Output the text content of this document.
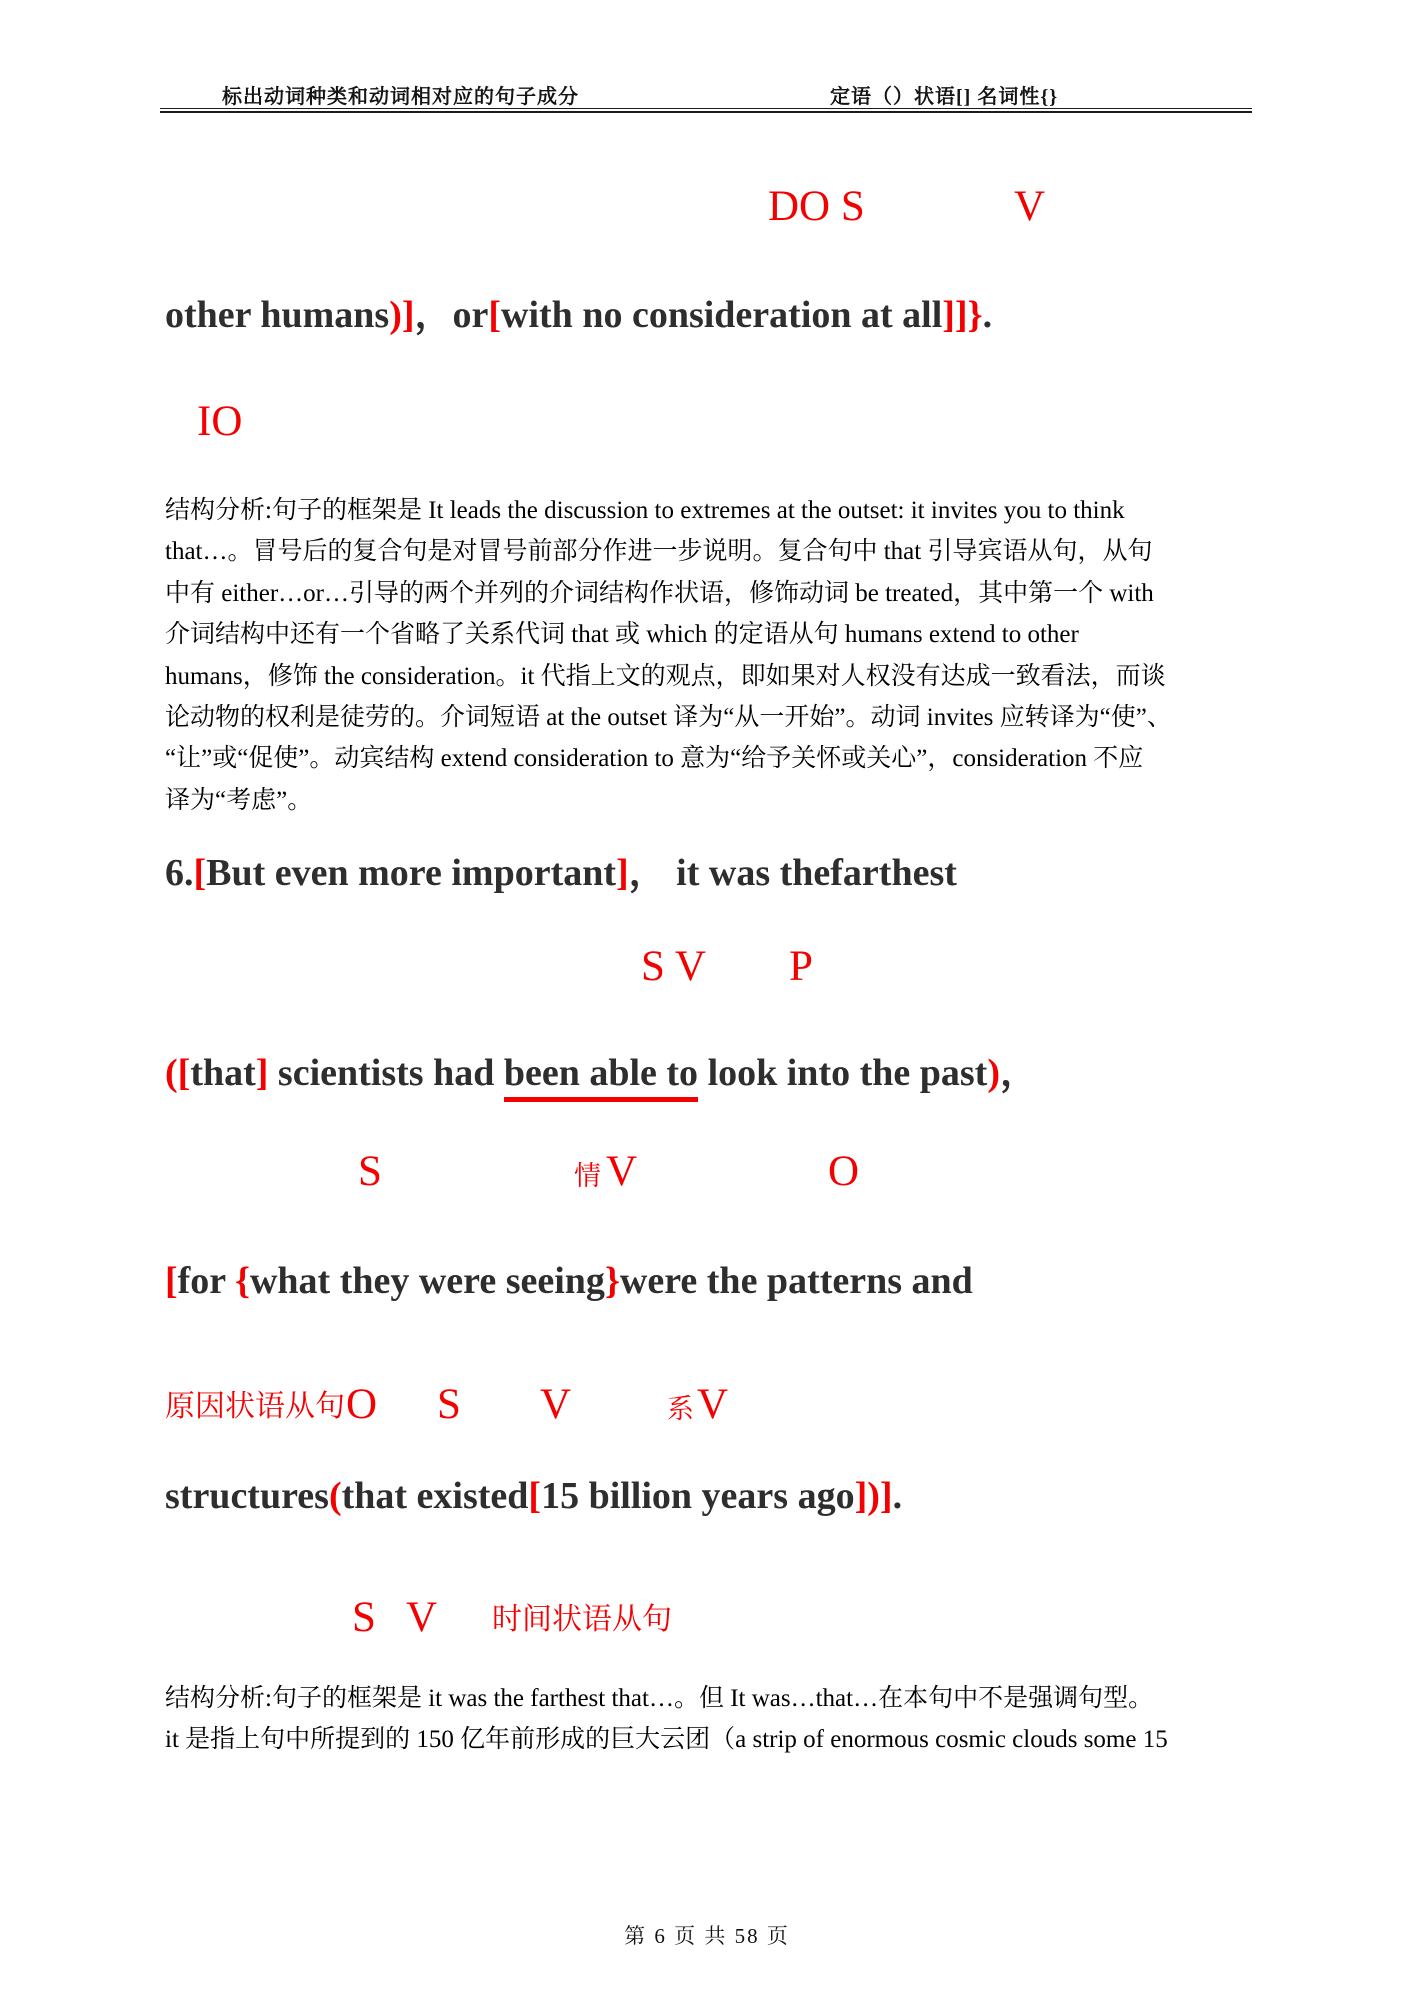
标出动词种类和动词相对应的句子成分	定语（）状语[] 名词性{}
DO S	V
other humans)]，or[with no consideration at all]]}.
IO
结构分析:句子的框架是 It leads the discussion to extremes at the outset: it invites you to think
that…。冒号后的复合句是对冒号前部分作进一步说明。复合句中 that 引导宾语从句，从句
中有 either…or…引导的两个并列的介词结构作状语，修饰动词 be treated，其中第一个 with
介词结构中还有一个省略了关系代词 that 或 which 的定语从句 humans extend to other
humans，修饰 the consideration。it 代指上文的观点，即如果对人权没有达成一致看法，而谈
论动物的权利是徒劳的。介词短语 at the outset 译为“从一开始”。动词 invites 应转译为“使”、
“让”或“促使”。动宾结构 extend consideration to 意为“给予关怀或关心”，consideration 不应
译为“考虑”。
6.[But even more important]， it was thefarthest
S V P
([that] scientists had been able to look into the past)，
S	情 V	O
[for {what they were seeing}were the patterns and
原因状语从句 O S V	系 V
structures(that existed[15 billion years ago])].
S V 时间状语从句
结构分析:句子的框架是 it was the farthest that…。但 It was…that…在本句中不是强调句型。
it 是指上句中所提到的 150 亿年前形成的巨大云团（a strip of enormous cosmic clouds some 15
第 6 页 共 58 页
